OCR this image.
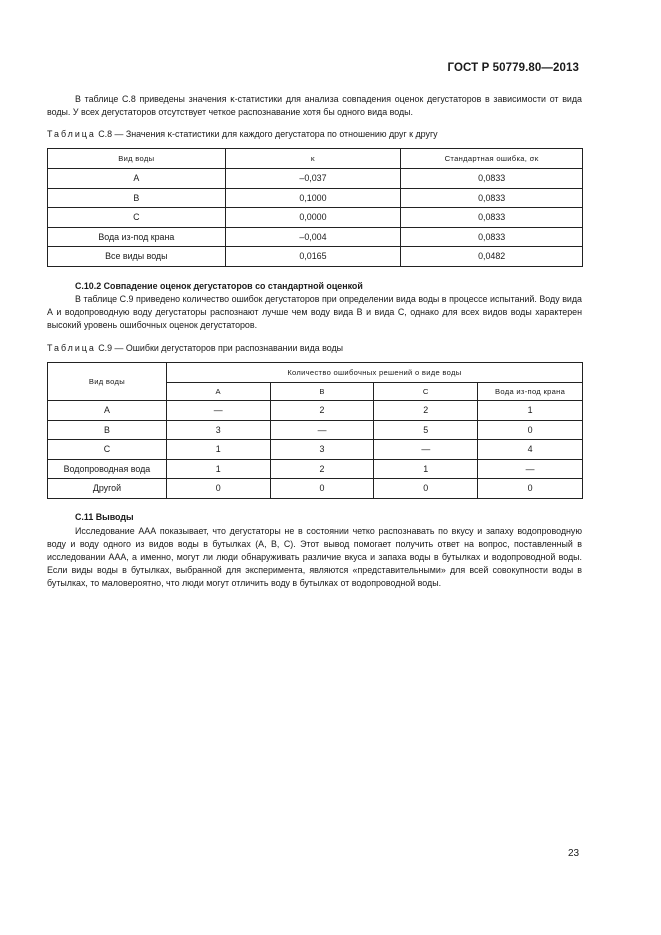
ГОСТ Р 50779.80—2013
В таблице С.8 приведены значения κ-статистики для анализа совпадения оценок дегустаторов в зависимости от вида воды. У всех дегустаторов отсутствует четкое распознавание хотя бы одного вида воды.
Таблица С.8 — Значения κ-статистики для каждого дегустатора по отношению друг к другу
Вид воды	κ	Стандартная ошибка, σκ
А	–0,037	0,0833
В	0,1000	0,0833
С	0,0000	0,0833
Вода из-под крана	–0,004	0,0833
Все виды воды	0,0165	0,0482
С.10.2 Совпадение оценок дегустаторов со стандартной оценкой
В таблице С.9 приведено количество ошибок дегустаторов при определении вида воды в процессе испытаний. Воду вида А и водопроводную воду дегустаторы распознают лучше чем воду вида В и вида С, однако для всех видов воды характерен высокий уровень ошибочных оценок дегустаторов.
Таблица С.9 — Ошибки дегустаторов при распознавании вида воды
Вид воды	Количество ошибочных решений о виде воды			
	А	В	С	Вода из-под крана
А	—	2	2	1
В	3	—	5	0
С	1	3	—	4
Водопроводная вода	1	2	1	—
Другой	0	0	0	0
С.11 Выводы
Исследование ААА показывает, что дегустаторы не в состоянии четко распознавать по вкусу и запаху водопроводную воду и воду одного из видов воды в бутылках (А, В, С). Этот вывод помогает получить ответ на вопрос, поставленный в исследовании ААА, а именно, могут ли люди обнаруживать различие вкуса и запаха воды в бутылках и водопроводной воды. Если виды воды в бутылках, выбранной для эксперимента, являются «представительными» для всей совокупности воды в бутылках, то маловероятно, что люди могут отличить воду в бутылках от водопроводной воды.
23
